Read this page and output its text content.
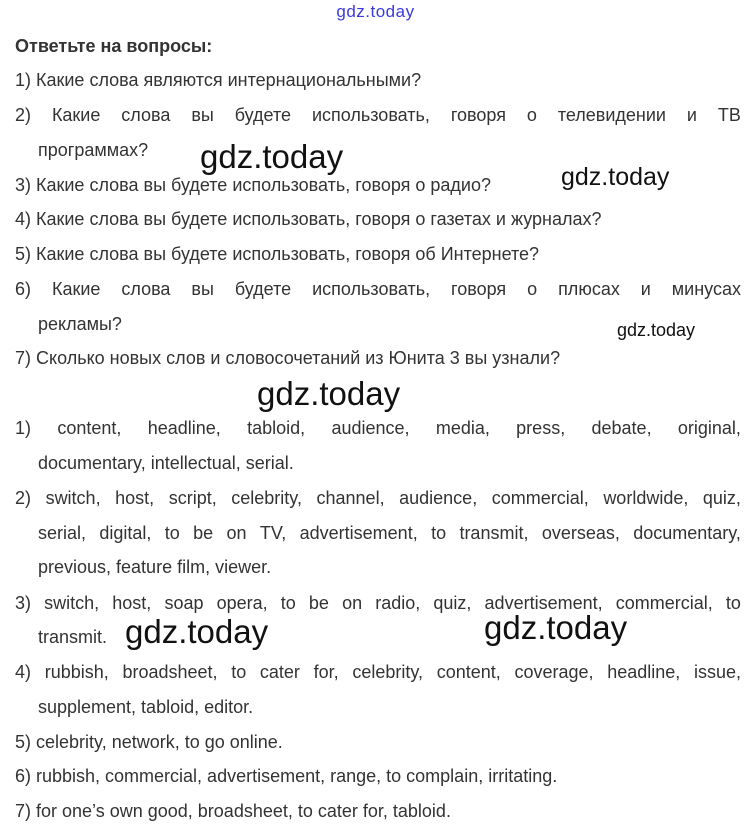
gdz.today
Ответьте на вопросы:
1) Какие слова являются интернациональными?
2) Какие слова вы будете использовать, говоря о телевидении и ТВ
программах?
3) Какие слова вы будете использовать, говоря о радио?
4) Какие слова вы будете использовать, говоря о газетах и журналах?
5) Какие слова вы будете использовать, говоря об Интернете?
6) Какие слова вы будете использовать, говоря о плюсах и минусах
рекламы?
7) Сколько новых слов и словосочетаний из Юнита 3 вы узнали?
1) content, headline, tabloid, audience, media, press, debate, original,
documentary, intellectual, serial.
2) switch, host, script, celebrity, channel, audience, commercial, worldwide, quiz,
serial, digital, to be on TV, advertisement, to transmit, overseas, documentary,
previous, feature film, viewer.
3) switch, host, soap opera, to be on radio, quiz, advertisement, commercial, to
transmit.
4) rubbish, broadsheet, to cater for, celebrity, content, coverage, headline, issue,
supplement, tabloid, editor.
5) celebrity, network, to go online.
6) rubbish, commercial, advertisement, range, to complain, irritating.
7) for one’s own good, broadsheet, to cater for, tabloid.
gdz.today
gdz.today
gdz.today
gdz.today
gdz.today	gdz.today
